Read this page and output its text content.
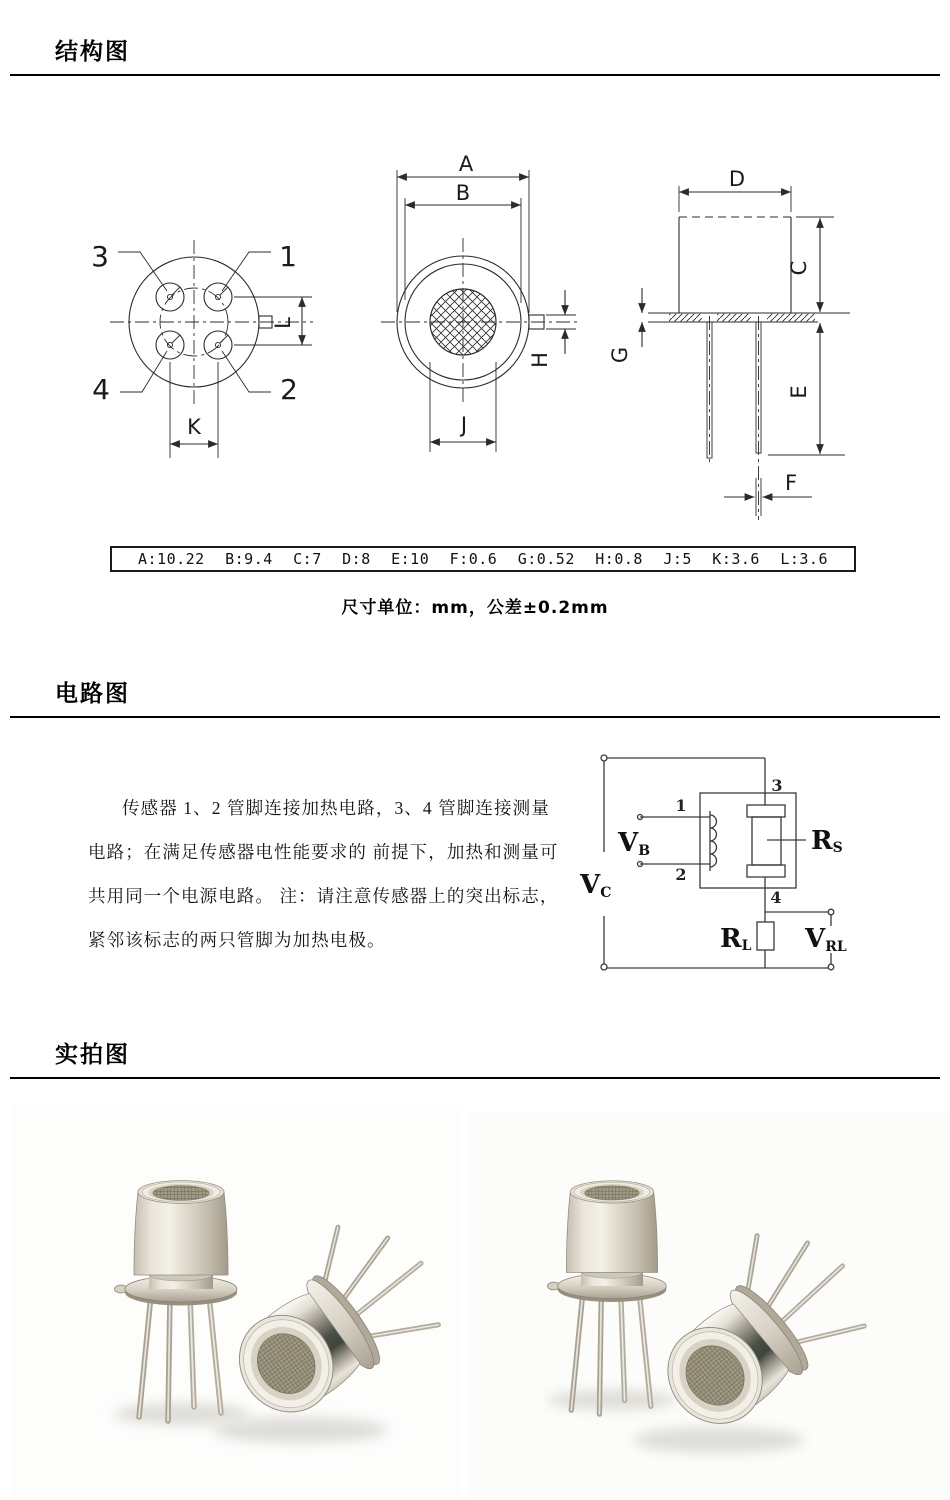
结构图
3	1
4	2
K
L
A
B
J
H
D
C
G
E
F
A:10.22 B:9.4 C:7 D:8 E:10 F:0.6 G:0.52 H:0.8 J:5 K:3.6 L:3.6
尺寸单位：mm，公差±0.2mm
电路图
传感器 1、2 管脚连接加热电路，3、4 管脚连接测量
电路；在满足传感器电性能要求的 前提下，加热和测量可
共用同一个电源电路。 注：请注意传感器上的突出标志，
紧邻该标志的两只管脚为加热电极。
VC
1
2
VB
3
RS
4
RL VRL
实拍图
